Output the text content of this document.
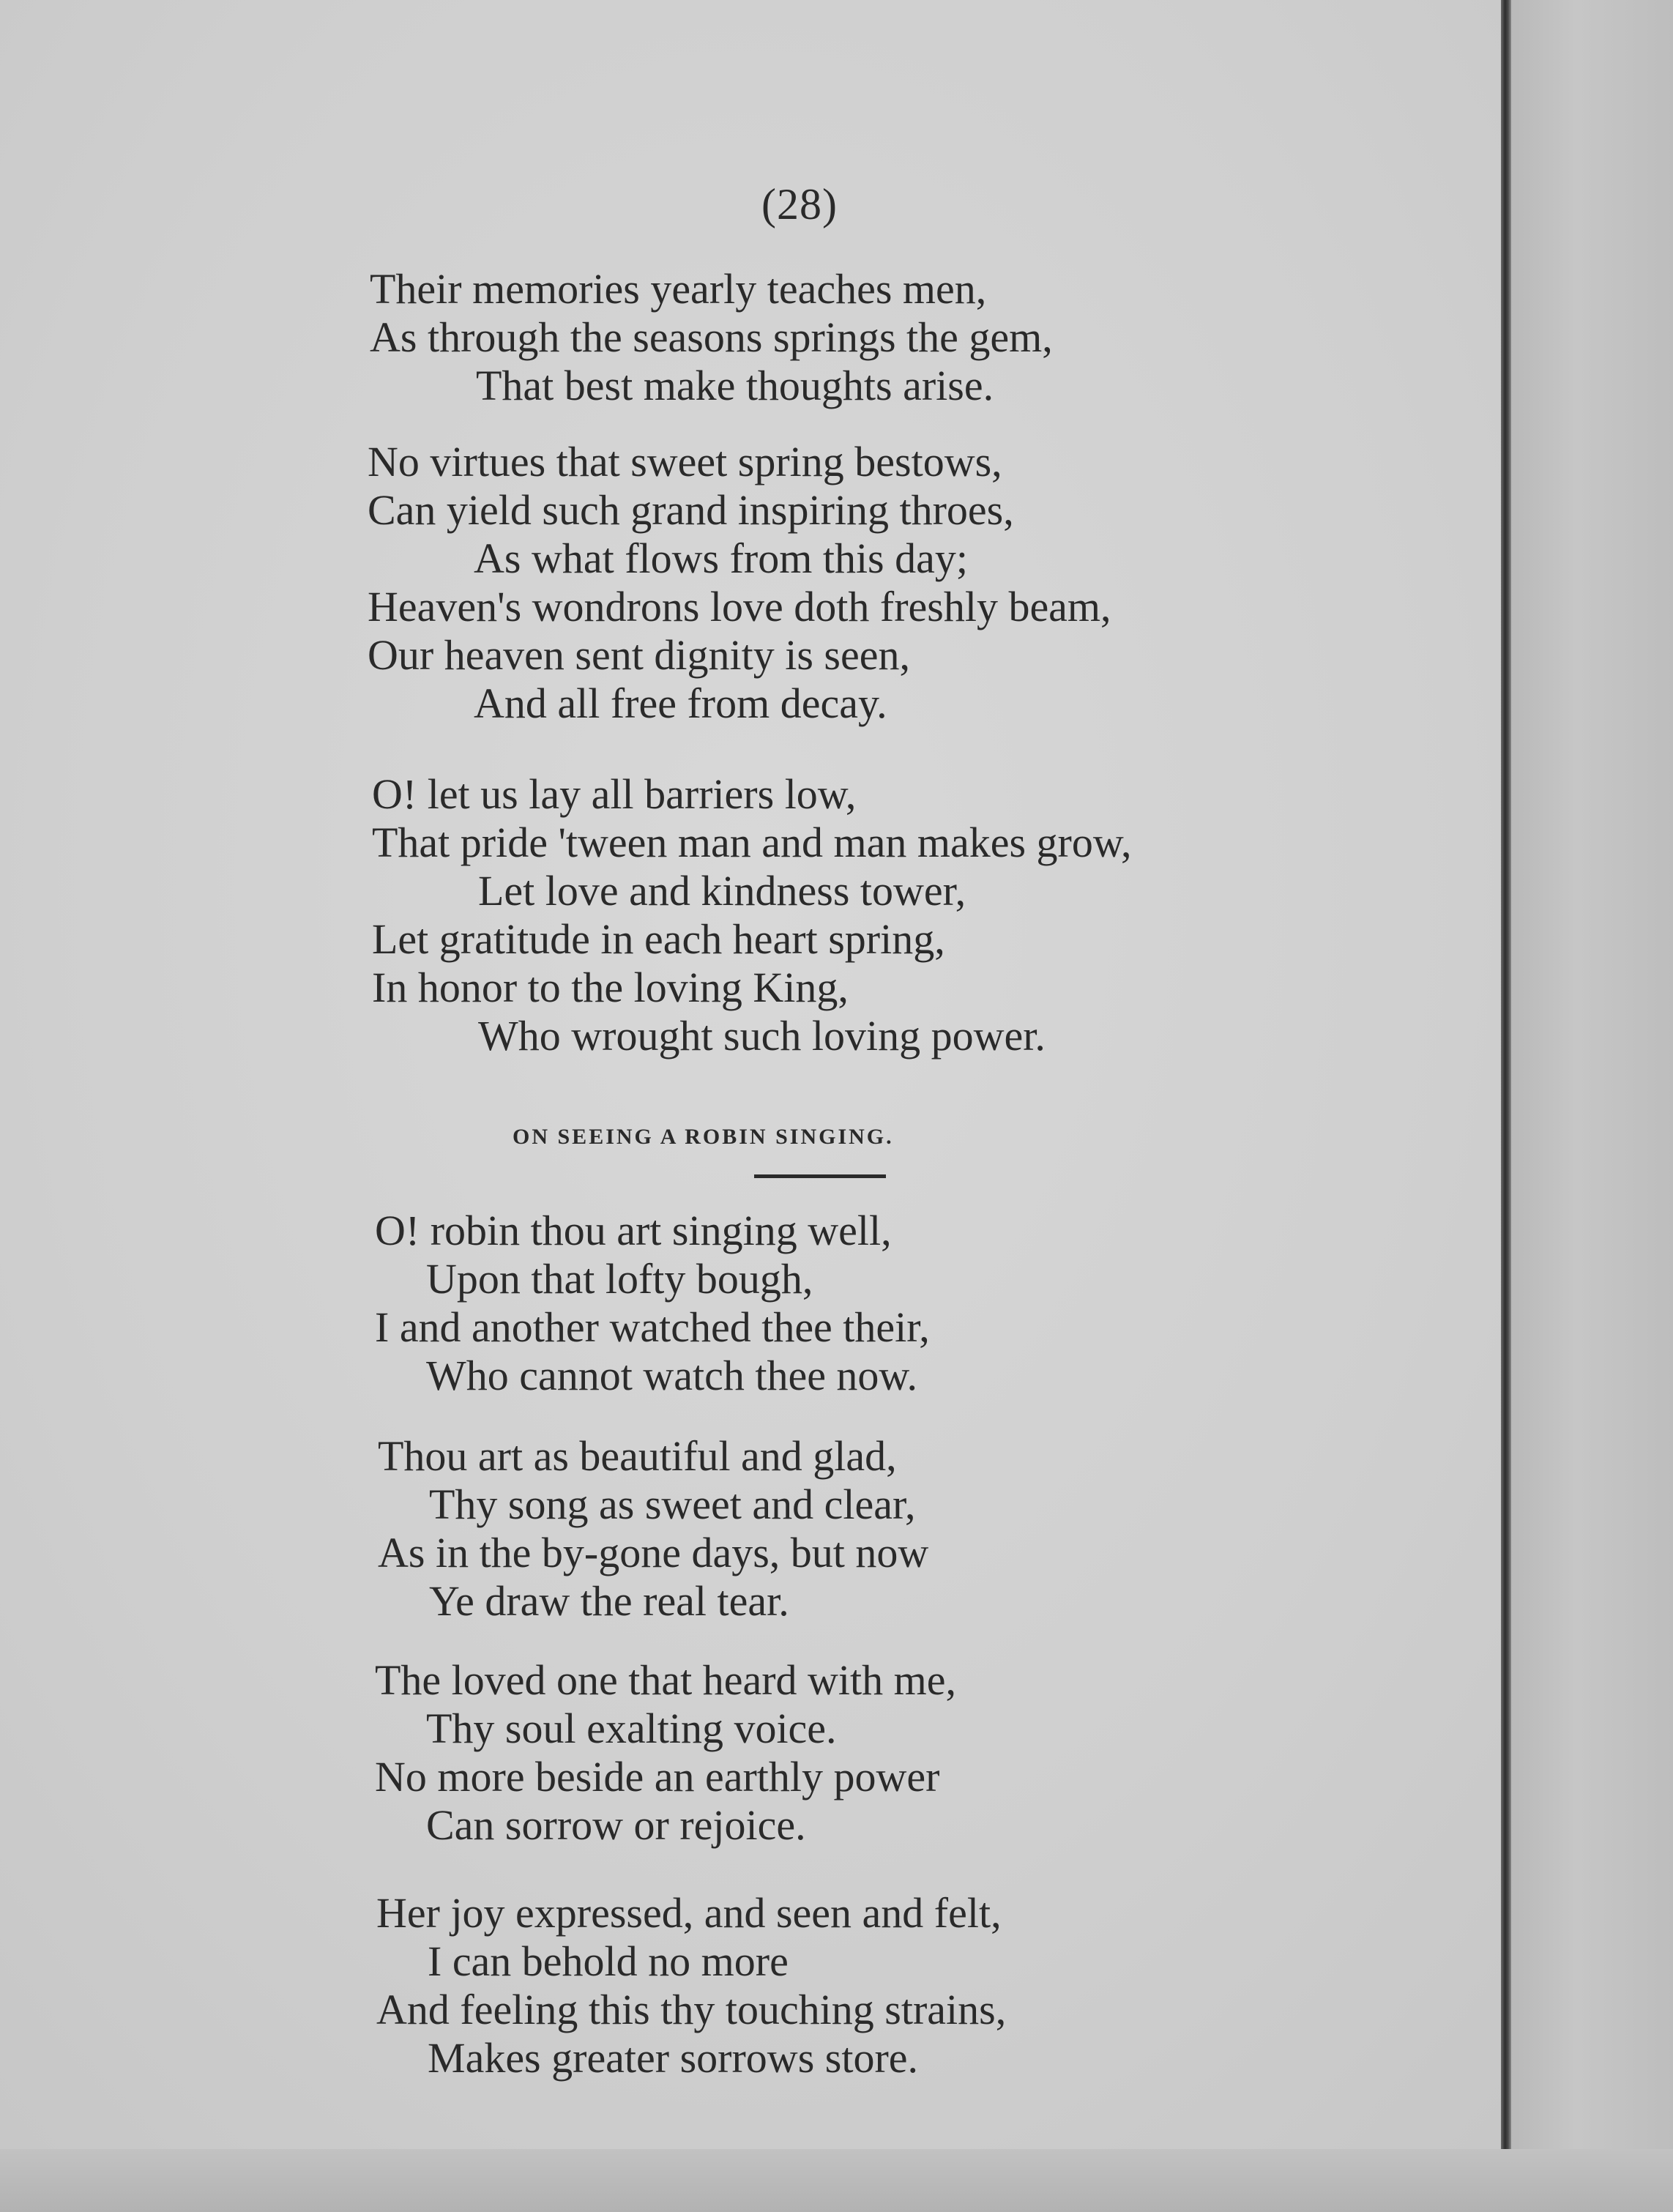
(28)
Their memories yearly teaches men,
As through the seasons springs the gem,
That best make thoughts arise.
No virtues that sweet spring bestows,
Can yield such grand inspiring throes,
As what flows from this day;
Heaven's wondrons love doth freshly beam,
Our heaven sent dignity is seen,
And all free from decay.
O! let us lay all barriers low,
That pride 'tween man and man makes grow,
Let love and kindness tower,
Let gratitude in each heart spring,
In honor to the loving King,
Who wrought such loving power.
ON SEEING A ROBIN SINGING.
O! robin thou art singing well,
Upon that lofty bough,
I and another watched thee their,
Who cannot watch thee now.
Thou art as beautiful and glad,
Thy song as sweet and clear,
As in the by-gone days, but now
Ye draw the real tear.
The loved one that heard with me,
Thy soul exalting voice.
No more beside an earthly power
Can sorrow or rejoice.
Her joy expressed, and seen and felt,
I can behold no more
And feeling this thy touching strains,
Makes greater sorrows store.
